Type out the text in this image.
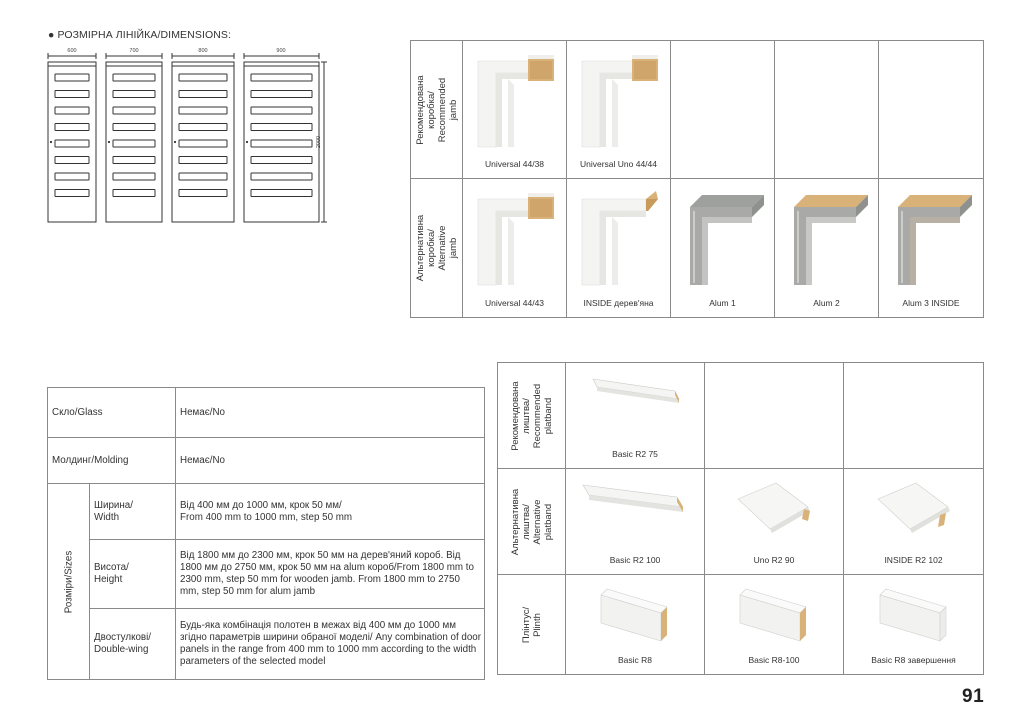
● РОЗМІРНА ЛІНІЙКА/DIMENSIONS:
600	700	800	900
2000	Рекомендована
коробка/
Recommended jamb	Universal 44/38	Universal Uno 44/44			

Альтернативна
коробка/
Alternative jamb	Universal 44/43	INSIDE дерев'яна	Alum 1	Alum 2	Alum 3 INSIDE
Скло/Glass		Немає/No
Молдинг/Molding		Немає/No

Розміри/Sizes	Ширина/
Width	Від 400 мм до 1000 мм, крок 50 мм/
From 400 mm to 1000 mm, step 50 mm
	Висота/
Height	Від 1800 мм до 2300 мм, крок 50 мм на дерев'яний короб. Від 1800 мм до 2750 мм, крок 50 мм на alum короб/From 1800 mm to 2300 mm, step 50 mm for wooden jamb. From 1800 mm to 2750 mm, step 50 mm for alum jamb
	Двостулкові/
Double-wing	Будь-яка комбінація полотен в межах від 400 мм до 1000 мм згідно параметрів ширини обраної моделі/ Any combination of door panels in the range from 400 mm to 1000 mm according to the width parameters of the selected model
Рекомендована
лиштва/
Recommended
platband	Basic R2 75		

Альтернативна
лиштва/
Alternative
platband	Basic R2 100	Uno R2 90	INSIDE R2 102

Плінтус/
Plinth	Basic R8	Basic R8-100	Basic R8 завершення
91
